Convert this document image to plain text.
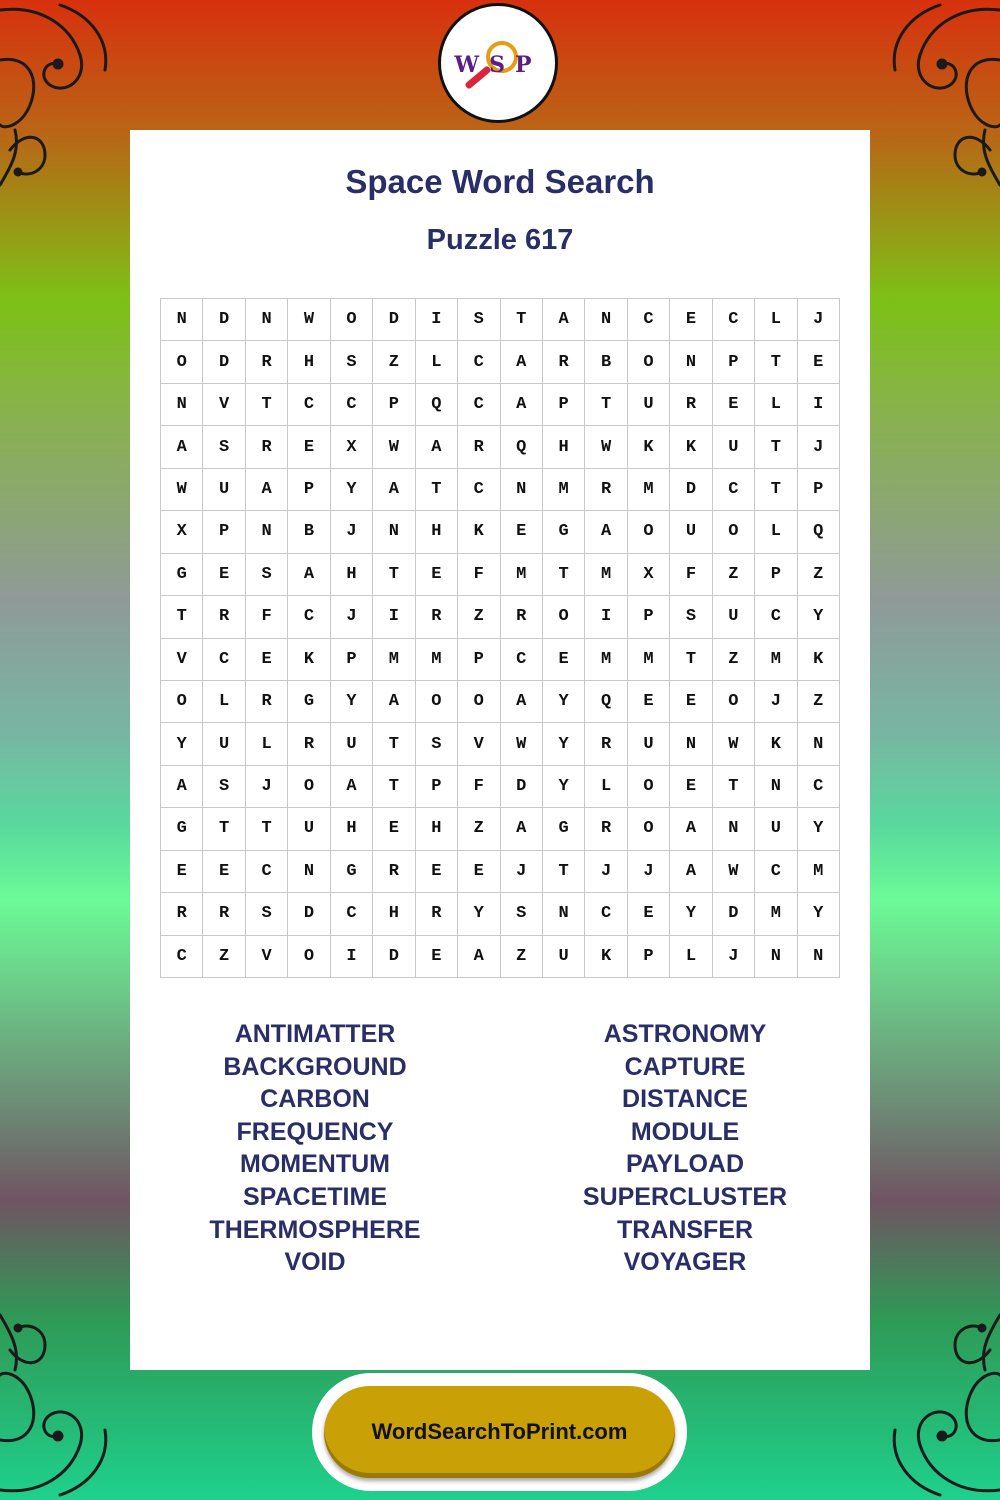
WSP
Space Word Search
Puzzle 617
N	D	N	W	O	D	I	S	T	A	N	C	E	C	L	J
O	D	R	H	S	Z	L	C	A	R	B	O	N	P	T	E
N	V	T	C	C	P	Q	C	A	P	T	U	R	E	L	I
A	S	R	E	X	W	A	R	Q	H	W	K	K	U	T	J
W	U	A	P	Y	A	T	C	N	M	R	M	D	C	T	P
X	P	N	B	J	N	H	K	E	G	A	O	U	O	L	Q
G	E	S	A	H	T	E	F	M	T	M	X	F	Z	P	Z
T	R	F	C	J	I	R	Z	R	O	I	P	S	U	C	Y
V	C	E	K	P	M	M	P	C	E	M	M	T	Z	M	K
O	L	R	G	Y	A	O	O	A	Y	Q	E	E	O	J	Z
Y	U	L	R	U	T	S	V	W	Y	R	U	N	W	K	N
A	S	J	O	A	T	P	F	D	Y	L	O	E	T	N	C
G	T	T	U	H	E	H	Z	A	G	R	O	A	N	U	Y
E	E	C	N	G	R	E	E	J	T	J	J	A	W	C	M
R	R	S	D	C	H	R	Y	S	N	C	E	Y	D	M	Y
C	Z	V	O	I	D	E	A	Z	U	K	P	L	J	N	N
ANTIMATTER
BACKGROUND
CARBON
FREQUENCY
MOMENTUM
SPACETIME
THERMOSPHERE
VOID
ASTRONOMY
CAPTURE
DISTANCE
MODULE
PAYLOAD
SUPERCLUSTER
TRANSFER
VOYAGER
WordSearchToPrint.com
